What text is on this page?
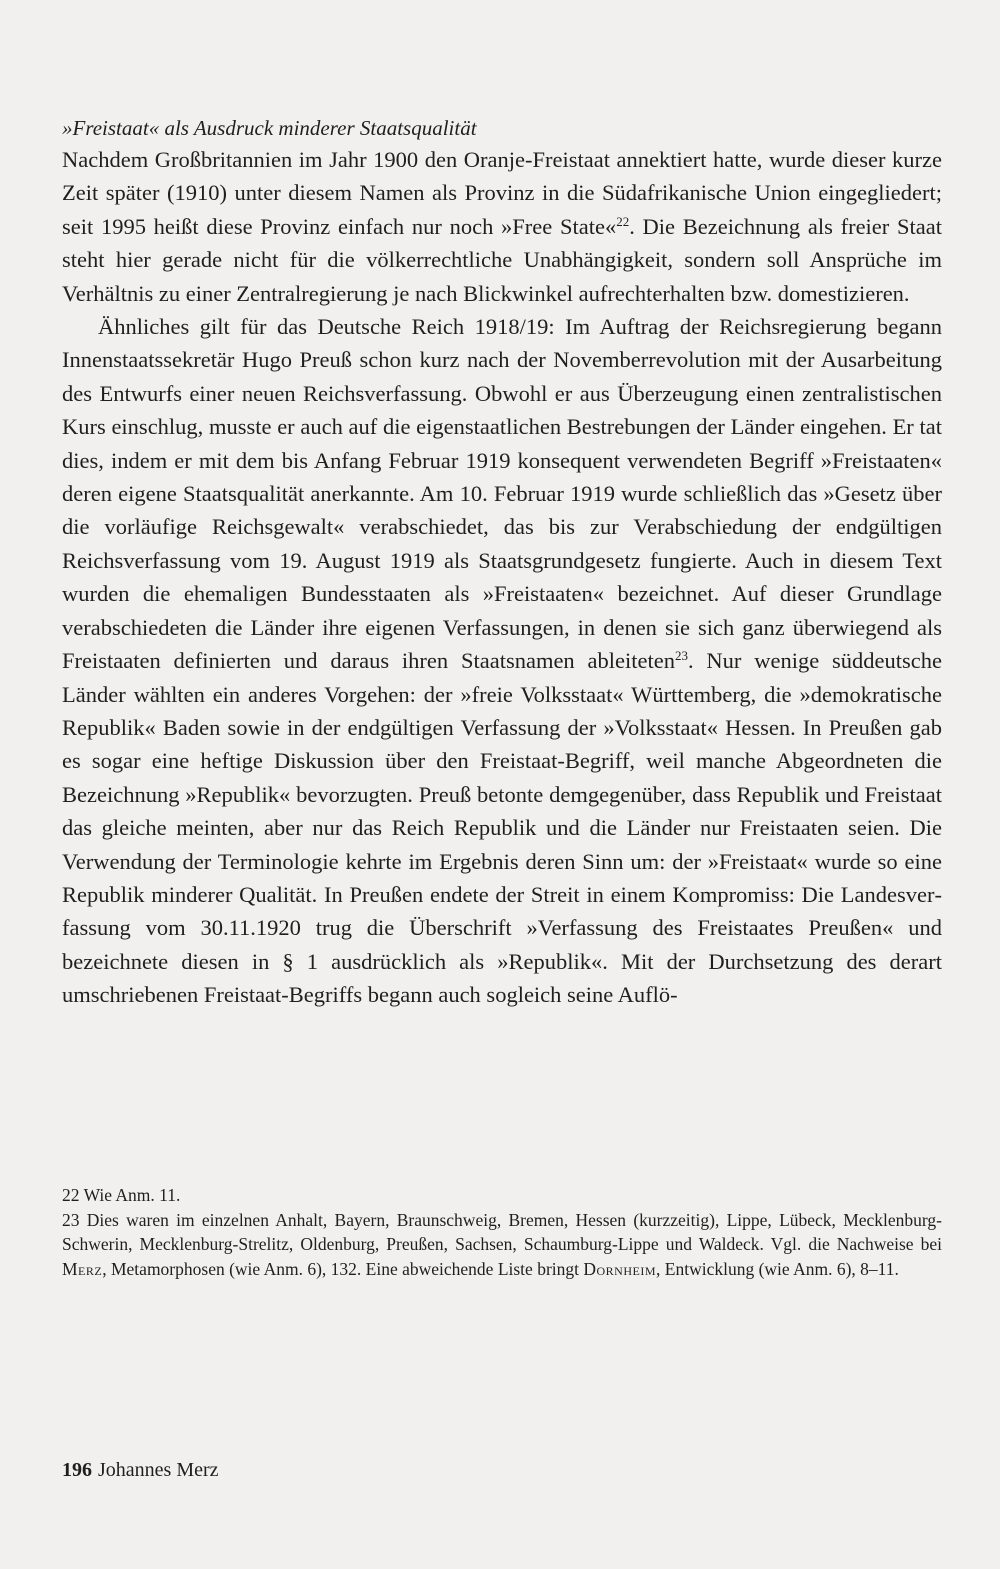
»Freistaat« als Ausdruck minderer Staatsqualität

Nachdem Großbritannien im Jahr 1900 den Oranje-Freistaat annektiert hatte, wurde dieser kurze Zeit später (1910) unter diesem Namen als Provinz in die Südafrikanische Union eingegliedert; seit 1995 heißt diese Provinz einfach nur noch »Free State«$^{22}$. Die Bezeichnung als freier Staat steht hier gerade nicht für die völkerrechtliche Unabhängigkeit, sondern soll Ansprüche im Verhältnis zu einer Zentralregierung je nach Blickwinkel aufrechterhalten bzw. domestizieren.

Ähnliches gilt für das Deutsche Reich 1918/19: Im Auftrag der Reichsregierung begann Innenstaatssekretär Hugo Preuß schon kurz nach der Novemberrevolution mit der Ausarbeitung des Entwurfs einer neuen Reichsverfassung. Obwohl er aus Überzeugung einen zentralistischen Kurs einschlug, musste er auch auf die eigenstaatlichen Bestrebungen der Länder eingehen. Er tat dies, indem er mit dem bis Anfang Februar 1919 konsequent verwendeten Begriff »Freistaaten« deren eigene Staatsqualität anerkannte. Am 10. Februar 1919 wurde schließlich das »Gesetz über die vorläufige Reichsgewalt« verabschiedet, das bis zur Verabschiedung der endgültigen Reichsverfassung vom 19. August 1919 als Staatsgrundgesetz fungierte. Auch in diesem Text wurden die ehemaligen Bundesstaaten als »Freistaaten« bezeichnet. Auf dieser Grundlage verabschiedeten die Länder ihre eigenen Verfassungen, in denen sie sich ganz überwiegend als Freistaaten definierten und daraus ihren Staatsnamen ableiteten$^{23}$. Nur wenige süddeutsche Länder wählten ein anderes Vorgehen: der »freie Volksstaat« Württemberg, die »demokratische Republik« Baden sowie in der endgültigen Verfassung der »Volksstaat« Hessen. In Preußen gab es sogar eine heftige Diskussion über den Freistaat-Begriff, weil manche Abgeordneten die Bezeichnung »Republik« bevorzugten. Preuß betonte demgegenüber, dass Republik und Freistaat das gleiche meinten, aber nur das Reich Republik und die Länder nur Freistaaten seien. Die Verwendung der Terminologie kehrte im Ergebnis deren Sinn um: der »Freistaat« wurde so eine Republik minderer Qualität. In Preußen endete der Streit in einem Kompromiss: Die Landesverfassung vom 30.11.1920 trug die Überschrift »Verfassung des Freistaates Preußen« und bezeichnete diesen in § 1 ausdrücklich als »Republik«. Mit der Durchsetzung des derart umschriebenen Freistaat-Begriffs begann auch sogleich seine Auflö-

22 Wie Anm. 11.

23 Dies waren im einzelnen Anhalt, Bayern, Braunschweig, Bremen, Hessen (kurzzeitig), Lippe, Lübeck, Mecklenburg-Schwerin, Mecklenburg-Strelitz, Oldenburg, Preußen, Sachsen, Schaumburg-Lippe und Waldeck. Vgl. die Nachweise bei Merz, Metamorphosen (wie Anm. 6), 132. Eine abweichende Liste bringt Dornheim, Entwicklung (wie Anm. 6), 8–11.

196 Johannes Merz
